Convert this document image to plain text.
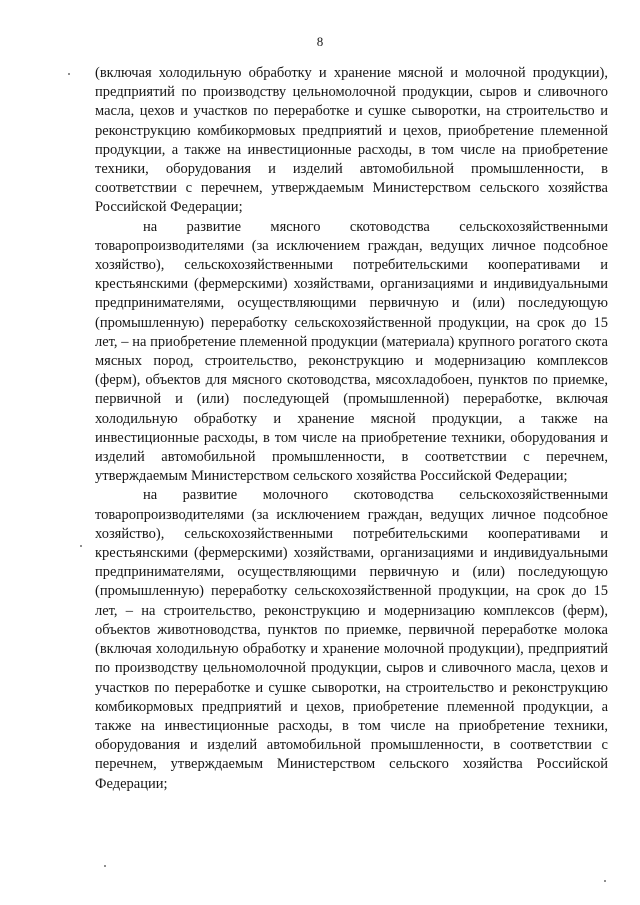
8

(включая холодильную обработку и хранение мясной и молочной продукции), предприятий по производству цельномолочной продукции, сыров и сливочного масла, цехов и участков по переработке и сушке сыворотки, на строительство и реконструкцию комбикормовых предприятий и цехов, приобретение племенной продукции, а также на инвестиционные расходы, в том числе на приобретение техники, оборудования и изделий автомобильной промышленности, в соответствии с перечнем, утверждаемым Министерством сельского хозяйства Российской Федерации;

на развитие мясного скотоводства сельскохозяйственными товаропроизводителями (за исключением граждан, ведущих личное подсобное хозяйство), сельскохозяйственными потребительскими кооперативами и крестьянскими (фермерскими) хозяйствами, организациями и индивидуальными предпринимателями, осуществляющими первичную и (или) последующую (промышленную) переработку сельскохозяйственной продукции, на срок до 15 лет, – на приобретение племенной продукции (материала) крупного рогатого скота мясных пород, строительство, реконструкцию и модернизацию комплексов (ферм), объектов для мясного скотоводства, мясохладобоен, пунктов по приемке, первичной и (или) последующей (промышленной) переработке, включая холодильную обработку и хранение мясной продукции, а также на инвестиционные расходы, в том числе на приобретение техники, оборудования и изделий автомобильной промышленности, в соответствии с перечнем, утверждаемым Министерством сельского хозяйства Российской Федерации;

на развитие молочного скотоводства сельскохозяйственными товаропроизводителями (за исключением граждан, ведущих личное подсобное хозяйство), сельскохозяйственными потребительскими кооперативами и крестьянскими (фермерскими) хозяйствами, организациями и индивидуальными предпринимателями, осуществляющими первичную и (или) последующую (промышленную) переработку сельскохозяйственной продукции, на срок до 15 лет, – на строительство, реконструкцию и модернизацию комплексов (ферм), объектов животноводства, пунктов по приемке, первичной переработке молока (включая холодильную обработку и хранение молочной продукции), предприятий по производству цельномолочной продукции, сыров и сливочного масла, цехов и участков по переработке и сушке сыворотки, на строительство и реконструкцию комбикормовых предприятий и цехов, приобретение племенной продукции, а также на инвестиционные расходы, в том числе на приобретение техники, оборудования и изделий автомобильной промышленности, в соответствии с перечнем, утверждаемым Министерством сельского хозяйства Российской Федерации;
